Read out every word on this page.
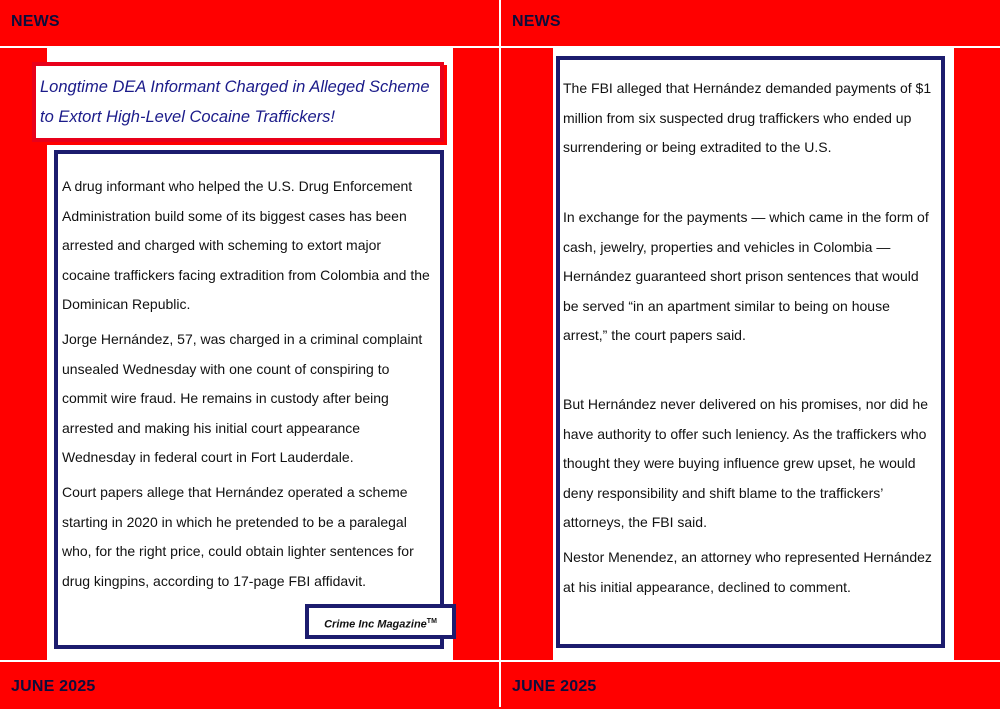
NEWS

Longtime DEA Informant Charged in Alleged Scheme to Extort High-Level Cocaine Traffickers!

A drug informant who helped the U.S. Drug Enforcement Administration build some of its biggest cases has been arrested and charged with scheming to extort major cocaine traffickers facing extradition from Colombia and the Dominican Republic.

Jorge Hernández, 57, was charged in a criminal complaint unsealed Wednesday with one count of conspiring to commit wire fraud. He remains in custody after being arrested and making his initial court appearance Wednesday in federal court in Fort Lauderdale.

Court papers allege that Hernández operated a scheme starting in 2020 in which he pretended to be a paralegal who, for the right price, could obtain lighter sentences for drug kingpins, according to 17-page FBI affidavit.

Crime Inc Magazine™
JUNE 2025
NEWS
JUNE 2025

The FBI alleged that Hernández demanded payments of $1 million from six suspected drug traffickers who ended up surrendering or being extradited to the U.S.

In exchange for the payments — which came in the form of cash, jewelry, properties and vehicles in Colombia — Hernández guaranteed short prison sentences that would be served “in an apartment similar to being on house arrest,” the court papers said.

But Hernández never delivered on his promises, nor did he have authority to offer such leniency. As the traffickers who thought they were buying influence grew upset, he would deny responsibility and shift blame to the traffickers’ attorneys, the FBI said.

Nestor Menendez, an attorney who represented Hernández at his initial appearance, declined to comment.
